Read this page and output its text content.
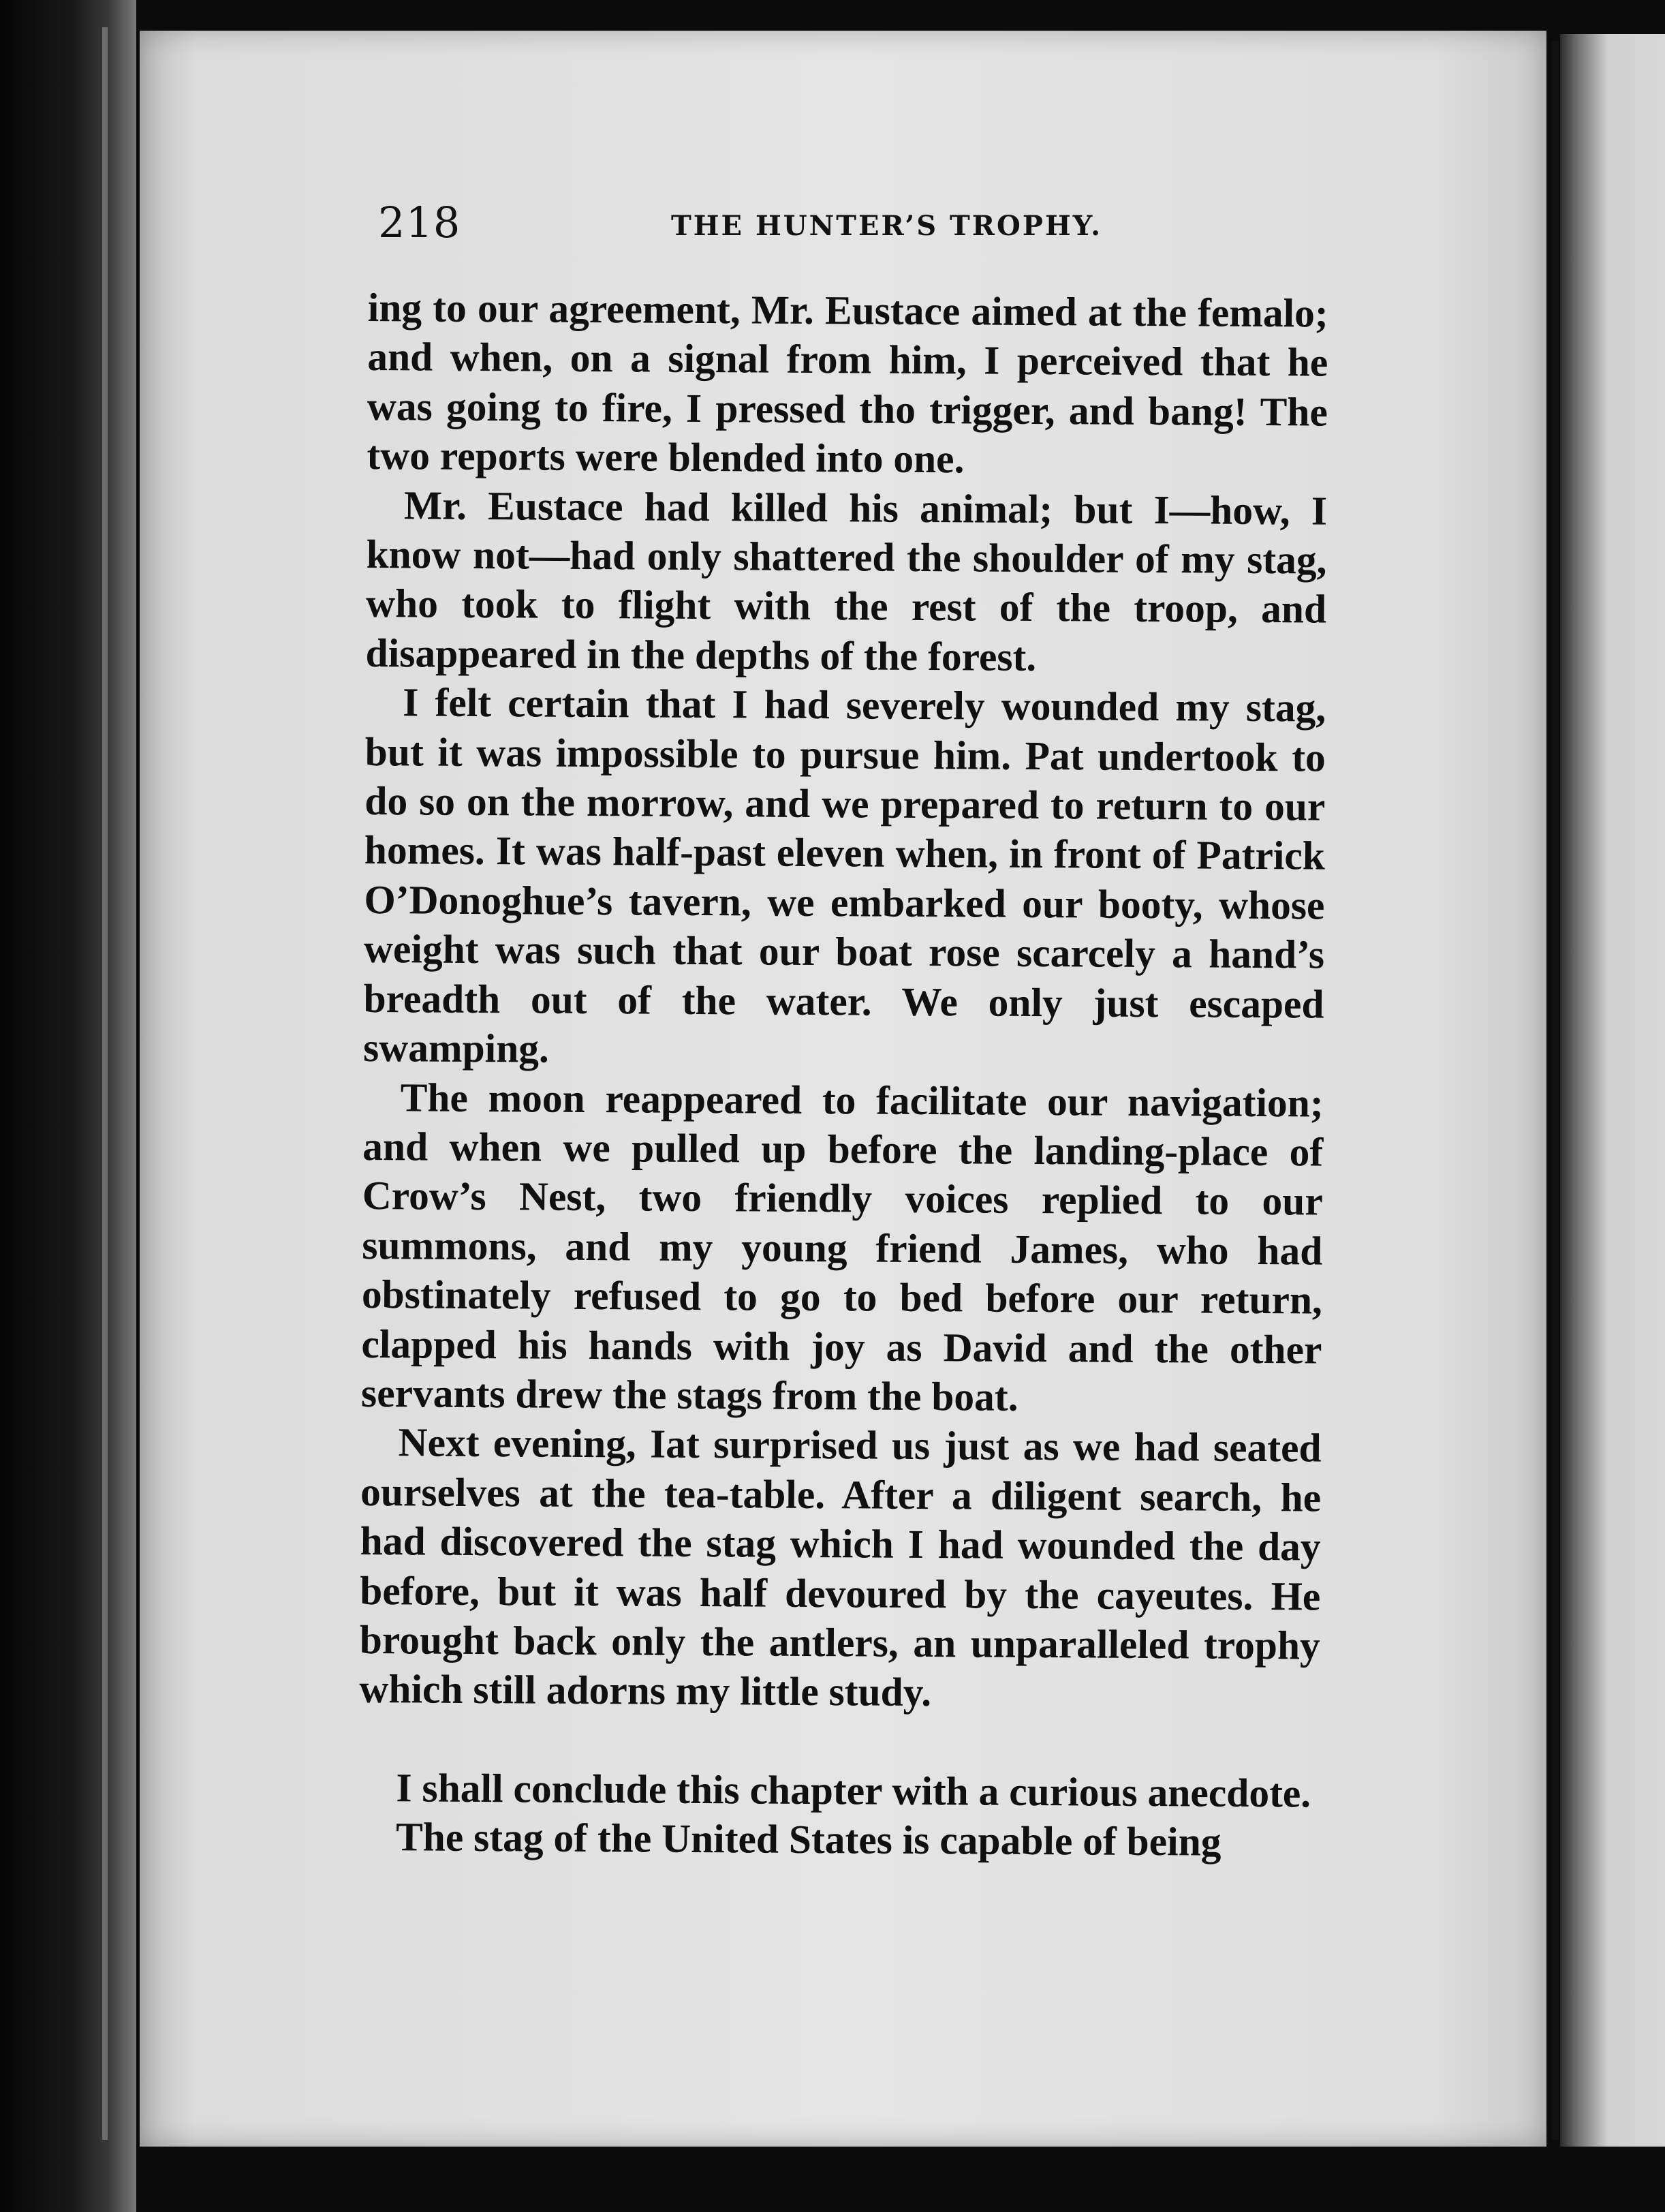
218	THE HUNTER’S TROPHY.

ing to our agreement, Mr. Eustace aimed at the femalo; and when, on a signal from him, I perceived that he was going to fire, I pressed tho trigger, and bang! The two reports were blended into one.

Mr. Eustace had killed his animal; but I—how, I know not—had only shattered the shoulder of my stag, who took to flight with the rest of the troop, and disappeared in the depths of the forest.

I felt certain that I had severely wounded my stag, but it was impossible to pursue him. Pat undertook to do so on the morrow, and we prepared to return to our homes. It was half-past eleven when, in front of Patrick O’Donoghue’s tavern, we embarked our booty, whose weight was such that our boat rose scarcely a hand’s breadth out of the water. We only just escaped swamping.

The moon reappeared to facilitate our navigation; and when we pulled up before the landing-place of Crow’s Nest, two friendly voices replied to our summons, and my young friend James, who had obstinately refused to go to bed before our return, clapped his hands with joy as David and the other servants drew the stags from the boat.

Next evening, Iat surprised us just as we had seated ourselves at the tea-table. After a diligent search, he had discovered the stag which I had wounded the day before, but it was half devoured by the cayeutes. He brought back only the antlers, an unparalleled trophy which still adorns my little study.

I shall conclude this chapter with a curious anecdote.

The stag of the United States is capable of being
